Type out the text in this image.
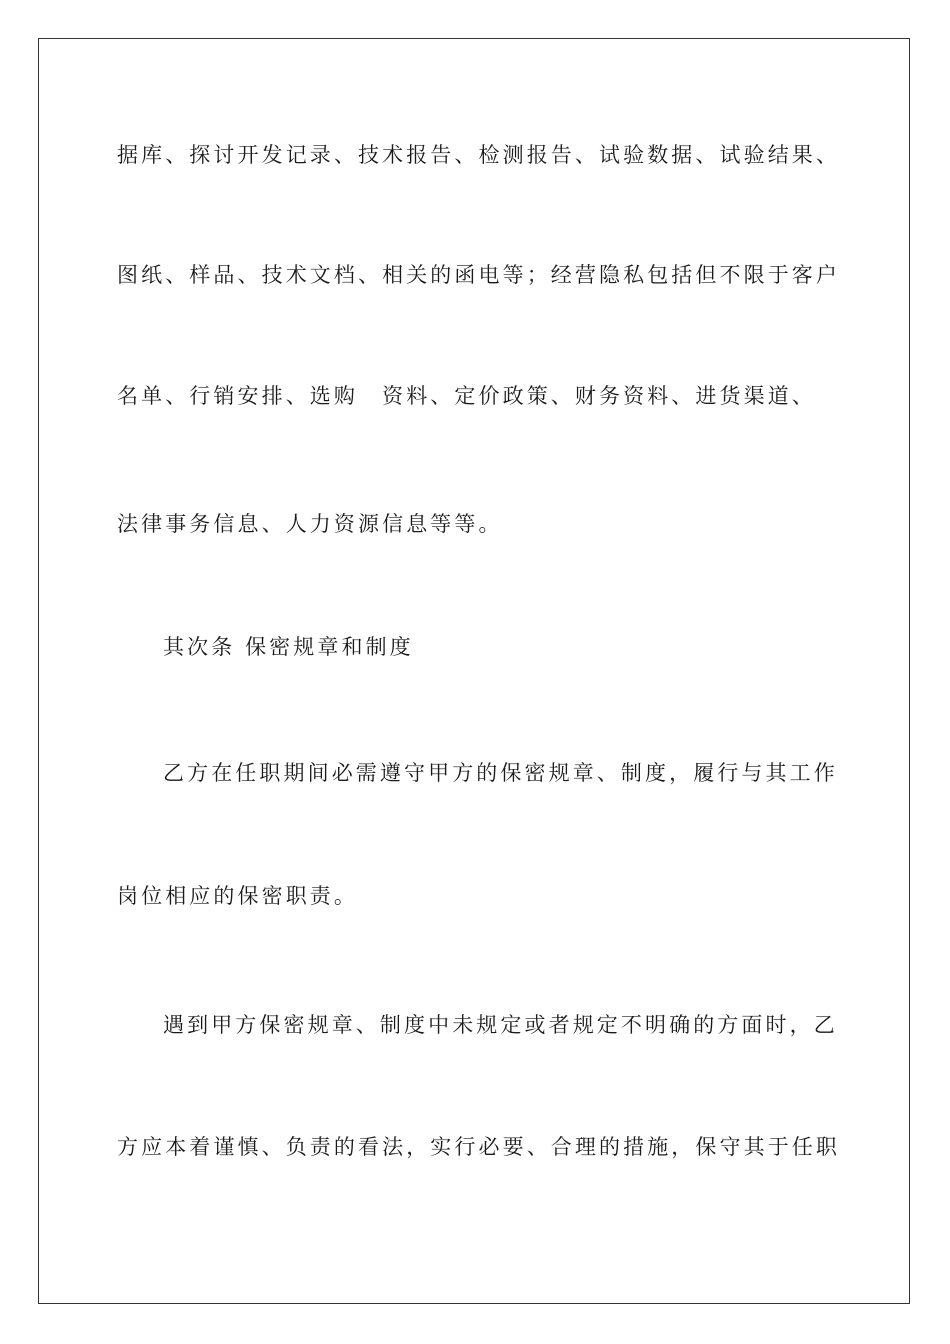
据库、探讨开发记录、技术报告、检测报告、试验数据、试验结果、
图纸、样品、技术文档、相关的函电等；经营隐私包括但不限于客户
名单、行销安排、选购　资料、定价政策、财务资料、进货渠道、
法律事务信息、人力资源信息等等。
其次条 保密规章和制度
乙方在任职期间必需遵守甲方的保密规章、制度，履行与其工作
岗位相应的保密职责。
遇到甲方保密规章、制度中未规定或者规定不明确的方面时，乙
方应本着谨慎、负责的看法，实行必要、合理的措施，保守其于任职
